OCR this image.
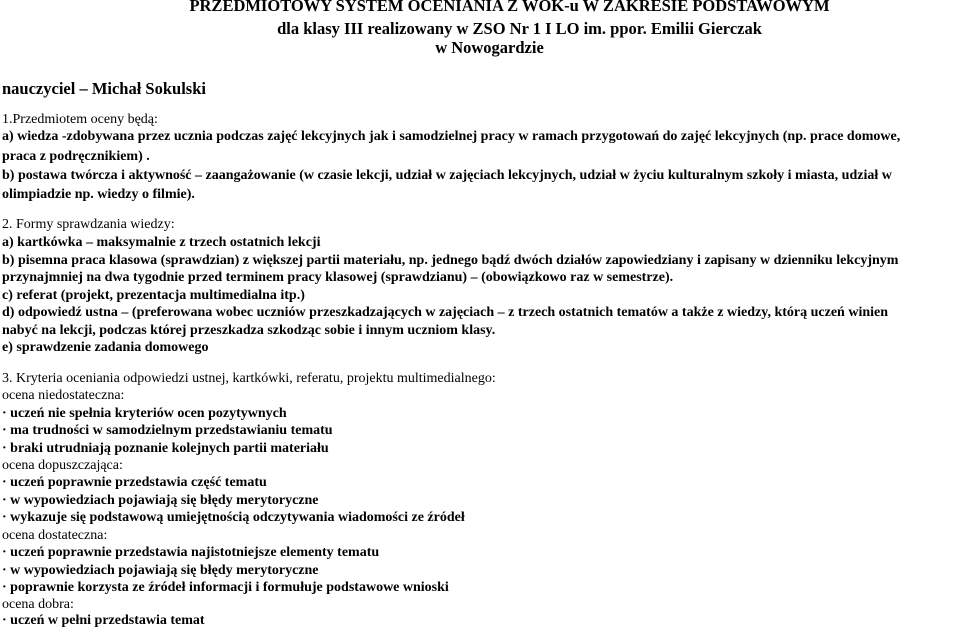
PRZEDMIOTOWY SYSTEM OCENIANIA Z WOK-u W ZAKRESIE PODSTAWOWYM
dla klasy III realizowany w ZSO Nr 1 I LO im. ppor. Emilii Gierczak
w Nowogardzie
nauczyciel – Michał Sokulski
1.Przedmiotem oceny będą:
a) wiedza -zdobywana przez ucznia podczas zajęć lekcyjnych jak i samodzielnej pracy w ramach przygotowań do zajęć lekcyjnych (np. prace domowe,
praca z podręcznikiem) .
b) postawa twórcza i aktywność – zaangażowanie (w czasie lekcji, udział w zajęciach lekcyjnych, udział w życiu kulturalnym szkoły i miasta, udział w
olimpiadzie np. wiedzy o filmie).
2. Formy sprawdzania wiedzy:
a) kartkówka – maksymalnie z trzech ostatnich lekcji
b) pisemna praca klasowa (sprawdzian) z większej partii materiału, np. jednego bądź dwóch działów zapowiedziany i zapisany w dzienniku lekcyjnym
przynajmniej na dwa tygodnie przed terminem pracy klasowej (sprawdzianu) – (obowiązkowo raz w semestrze).
c) referat (projekt, prezentacja multimedialna itp.)
d) odpowiedź ustna – (preferowana wobec uczniów przeszkadzających w zajęciach – z trzech ostatnich tematów a także z wiedzy, którą uczeń winien
nabyć na lekcji, podczas której przeszkadza szkodząc sobie i innym uczniom klasy.
e) sprawdzenie zadania domowego
3. Kryteria oceniania odpowiedzi ustnej, kartkówki, referatu, projektu multimedialnego:
ocena niedostateczna:
· uczeń nie spełnia kryteriów ocen pozytywnych
· ma trudności w samodzielnym przedstawianiu tematu
· braki utrudniają poznanie kolejnych partii materiału
ocena dopuszczająca:
· uczeń poprawnie przedstawia część tematu
· w wypowiedziach pojawiają się błędy merytoryczne
· wykazuje się podstawową umiejętnością odczytywania wiadomości ze źródeł
ocena dostateczna:
· uczeń poprawnie przedstawia najistotniejsze elementy tematu
· w wypowiedziach pojawiają się błędy merytoryczne
· poprawnie korzysta ze źródeł informacji i formułuje podstawowe wnioski
ocena dobra:
· uczeń w pełni przedstawia temat
